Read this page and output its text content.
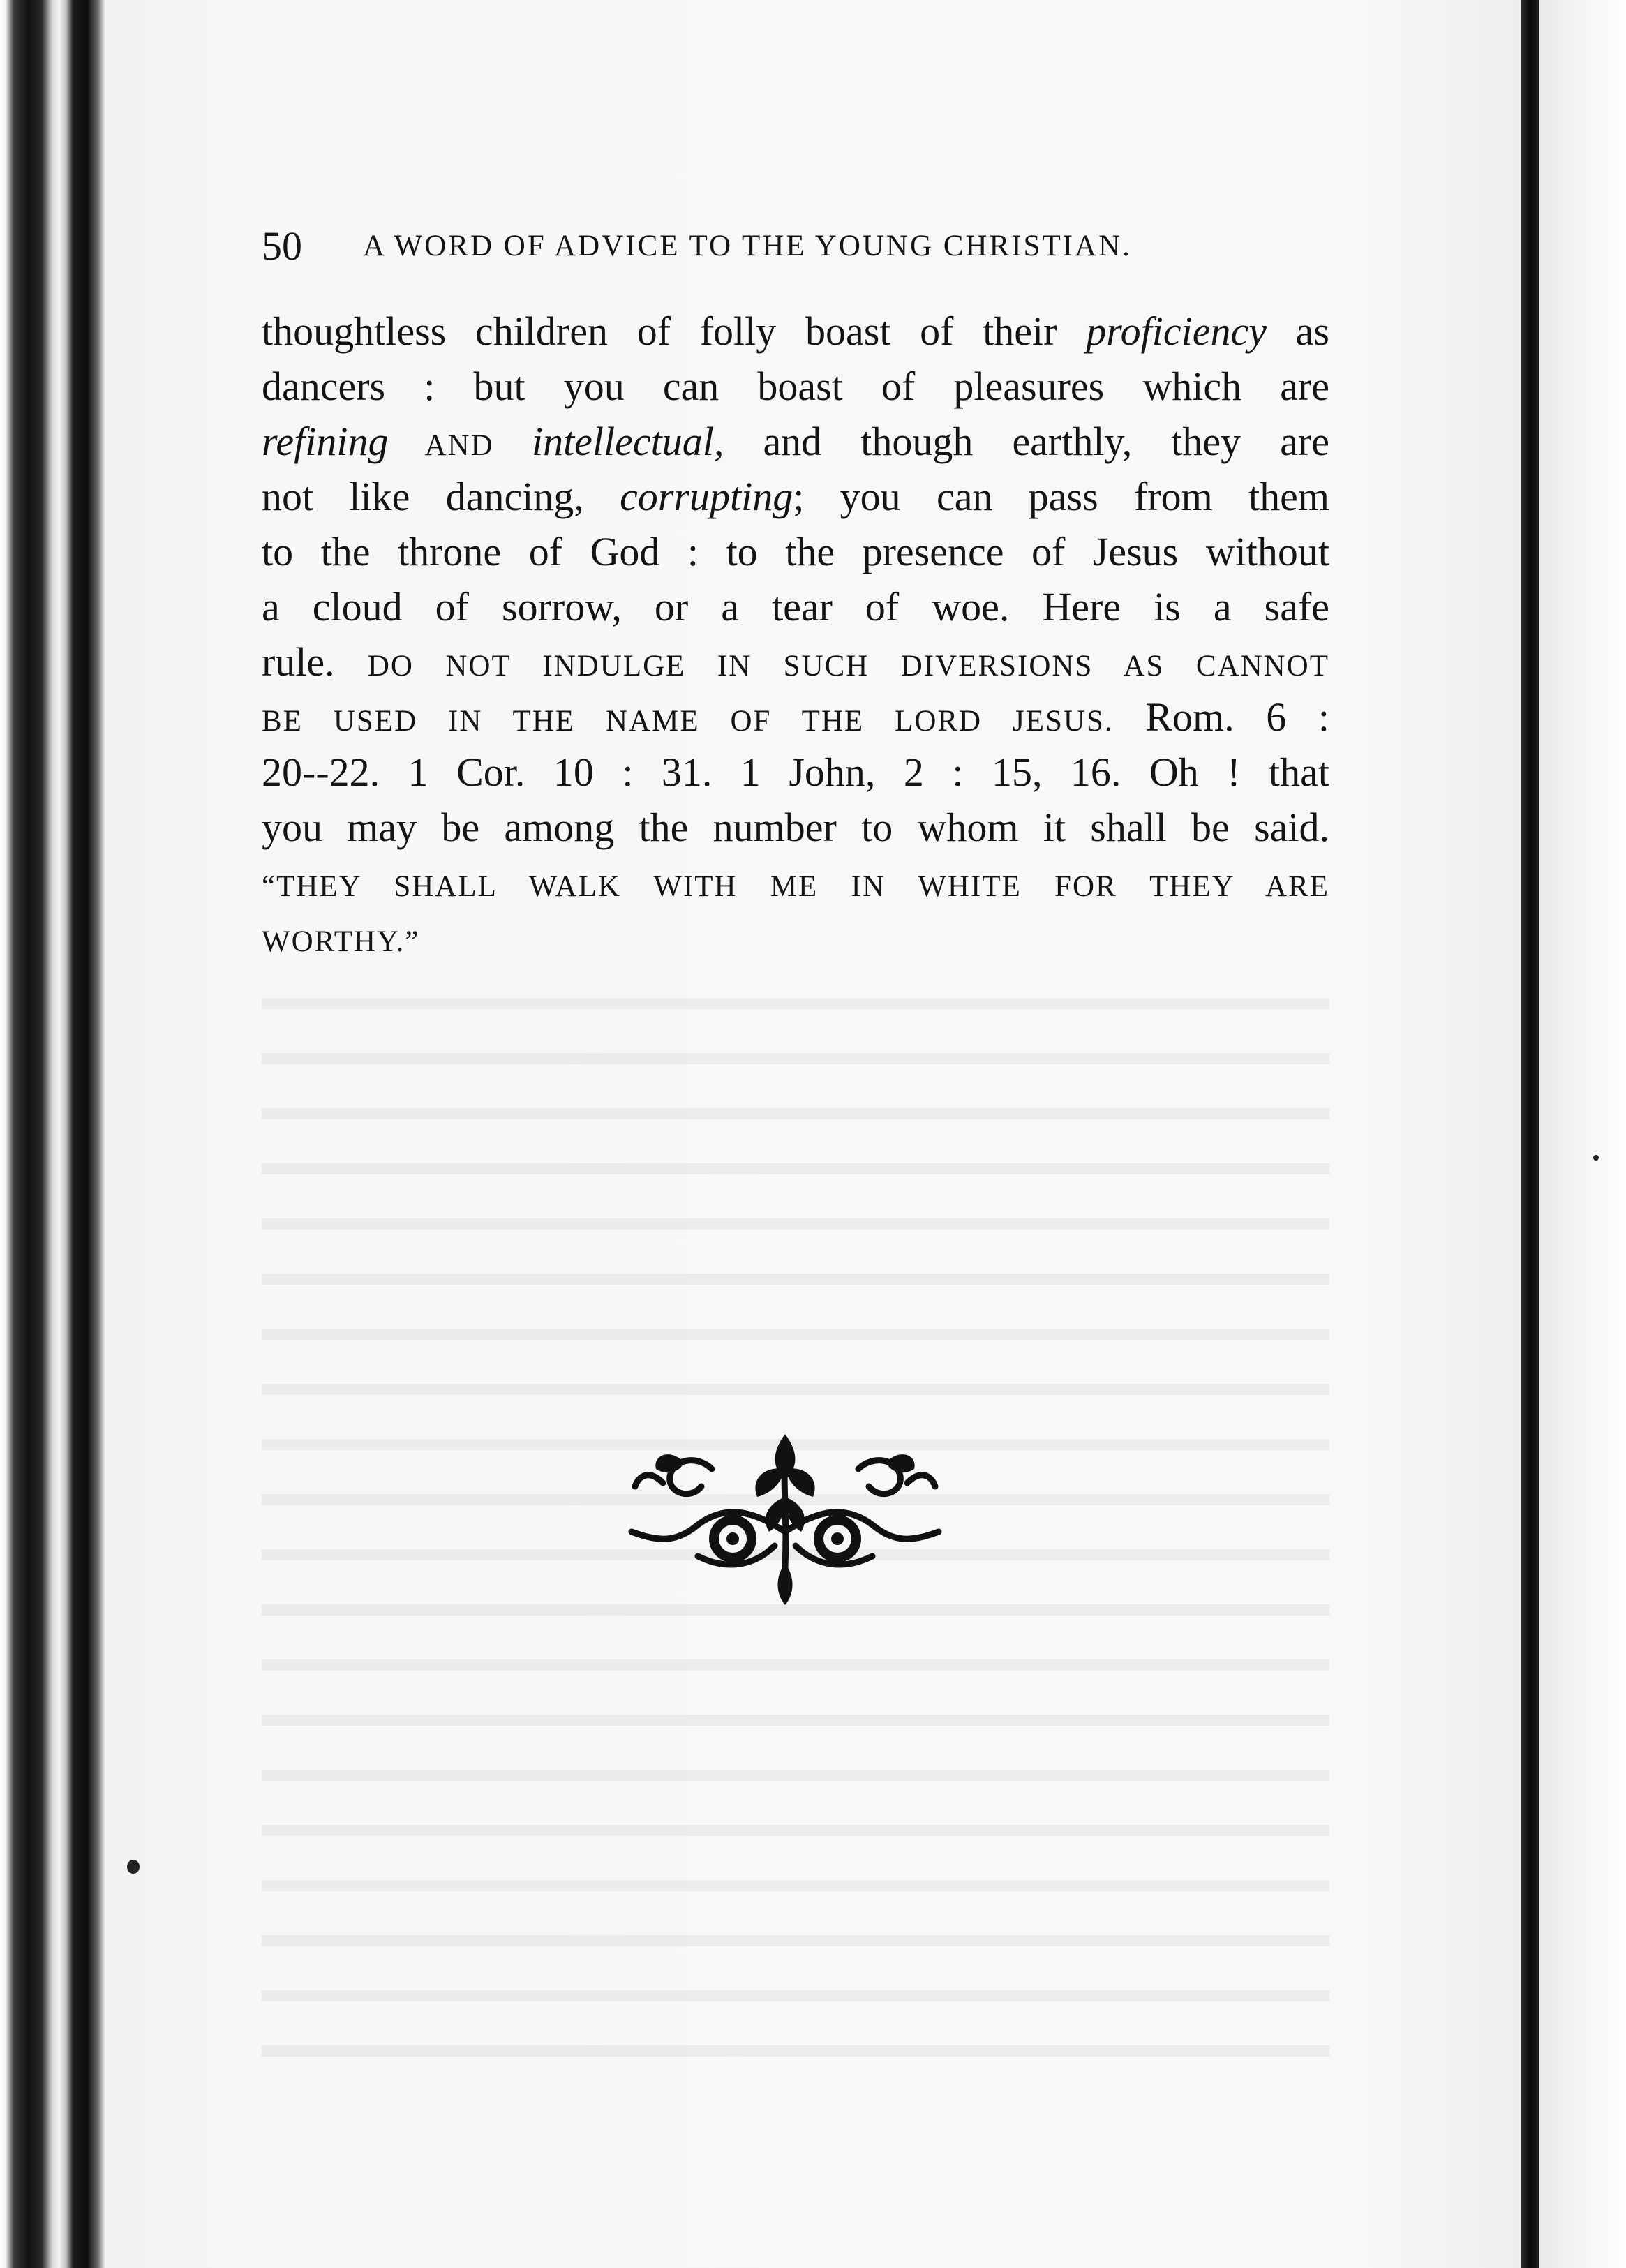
50 A WORD OF ADVICE TO THE YOUNG CHRISTIAN.
thoughtless children of folly boast of their proficiency as
dancers : but you can boast of pleasures which are
refining AND intellectual, and though earthly, they are
not like dancing, corrupting; you can pass from them
to the throne of God : to the presence of Jesus without
a cloud of sorrow, or a tear of woe. Here is a safe
rule. DO NOT INDULGE IN SUCH DIVERSIONS AS CANNOT
BE USED IN THE NAME OF THE LORD JESUS. Rom. 6 :
20--22. 1 Cor. 10 : 31. 1 John, 2 : 15, 16. Oh ! that
you may be among the number to whom it shall be said.
“THEY SHALL WALK WITH ME IN WHITE FOR THEY ARE
WORTHY.”
